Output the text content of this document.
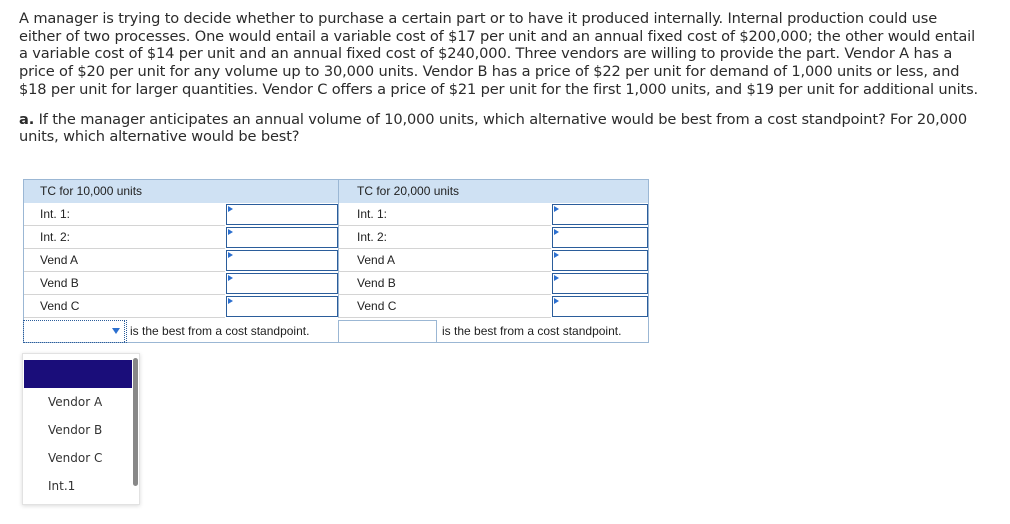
A manager is trying to decide whether to purchase a certain part or to have it produced internally. Internal production could use either of two processes. One would entail a variable cost of $17 per unit and an annual fixed cost of $200,000; the other would entail a variable cost of $14 per unit and an annual fixed cost of $240,000. Three vendors are willing to provide the part. Vendor A has a price of $20 per unit for any volume up to 30,000 units. Vendor B has a price of $22 per unit for demand of 1,000 units or less, and $18 per unit for larger quantities. Vendor C offers a price of $21 per unit for the first 1,000 units, and $19 per unit for additional units.

a. If the manager anticipates an annual volume of 10,000 units, which alternative would be best from a cost standpoint? For 20,000 units, which alternative would be best?

TC for 10,000 units	TC for 20,000 units
Int. 1:
Int. 2:
Vend A
Vend B
Vend C
Int. 1:
Int. 2:
Vend A
Vend B
Vend C
is the best from a cost standpoint.	is the best from a cost standpoint.
Vendor A
Vendor B
Vendor C
Int.1
